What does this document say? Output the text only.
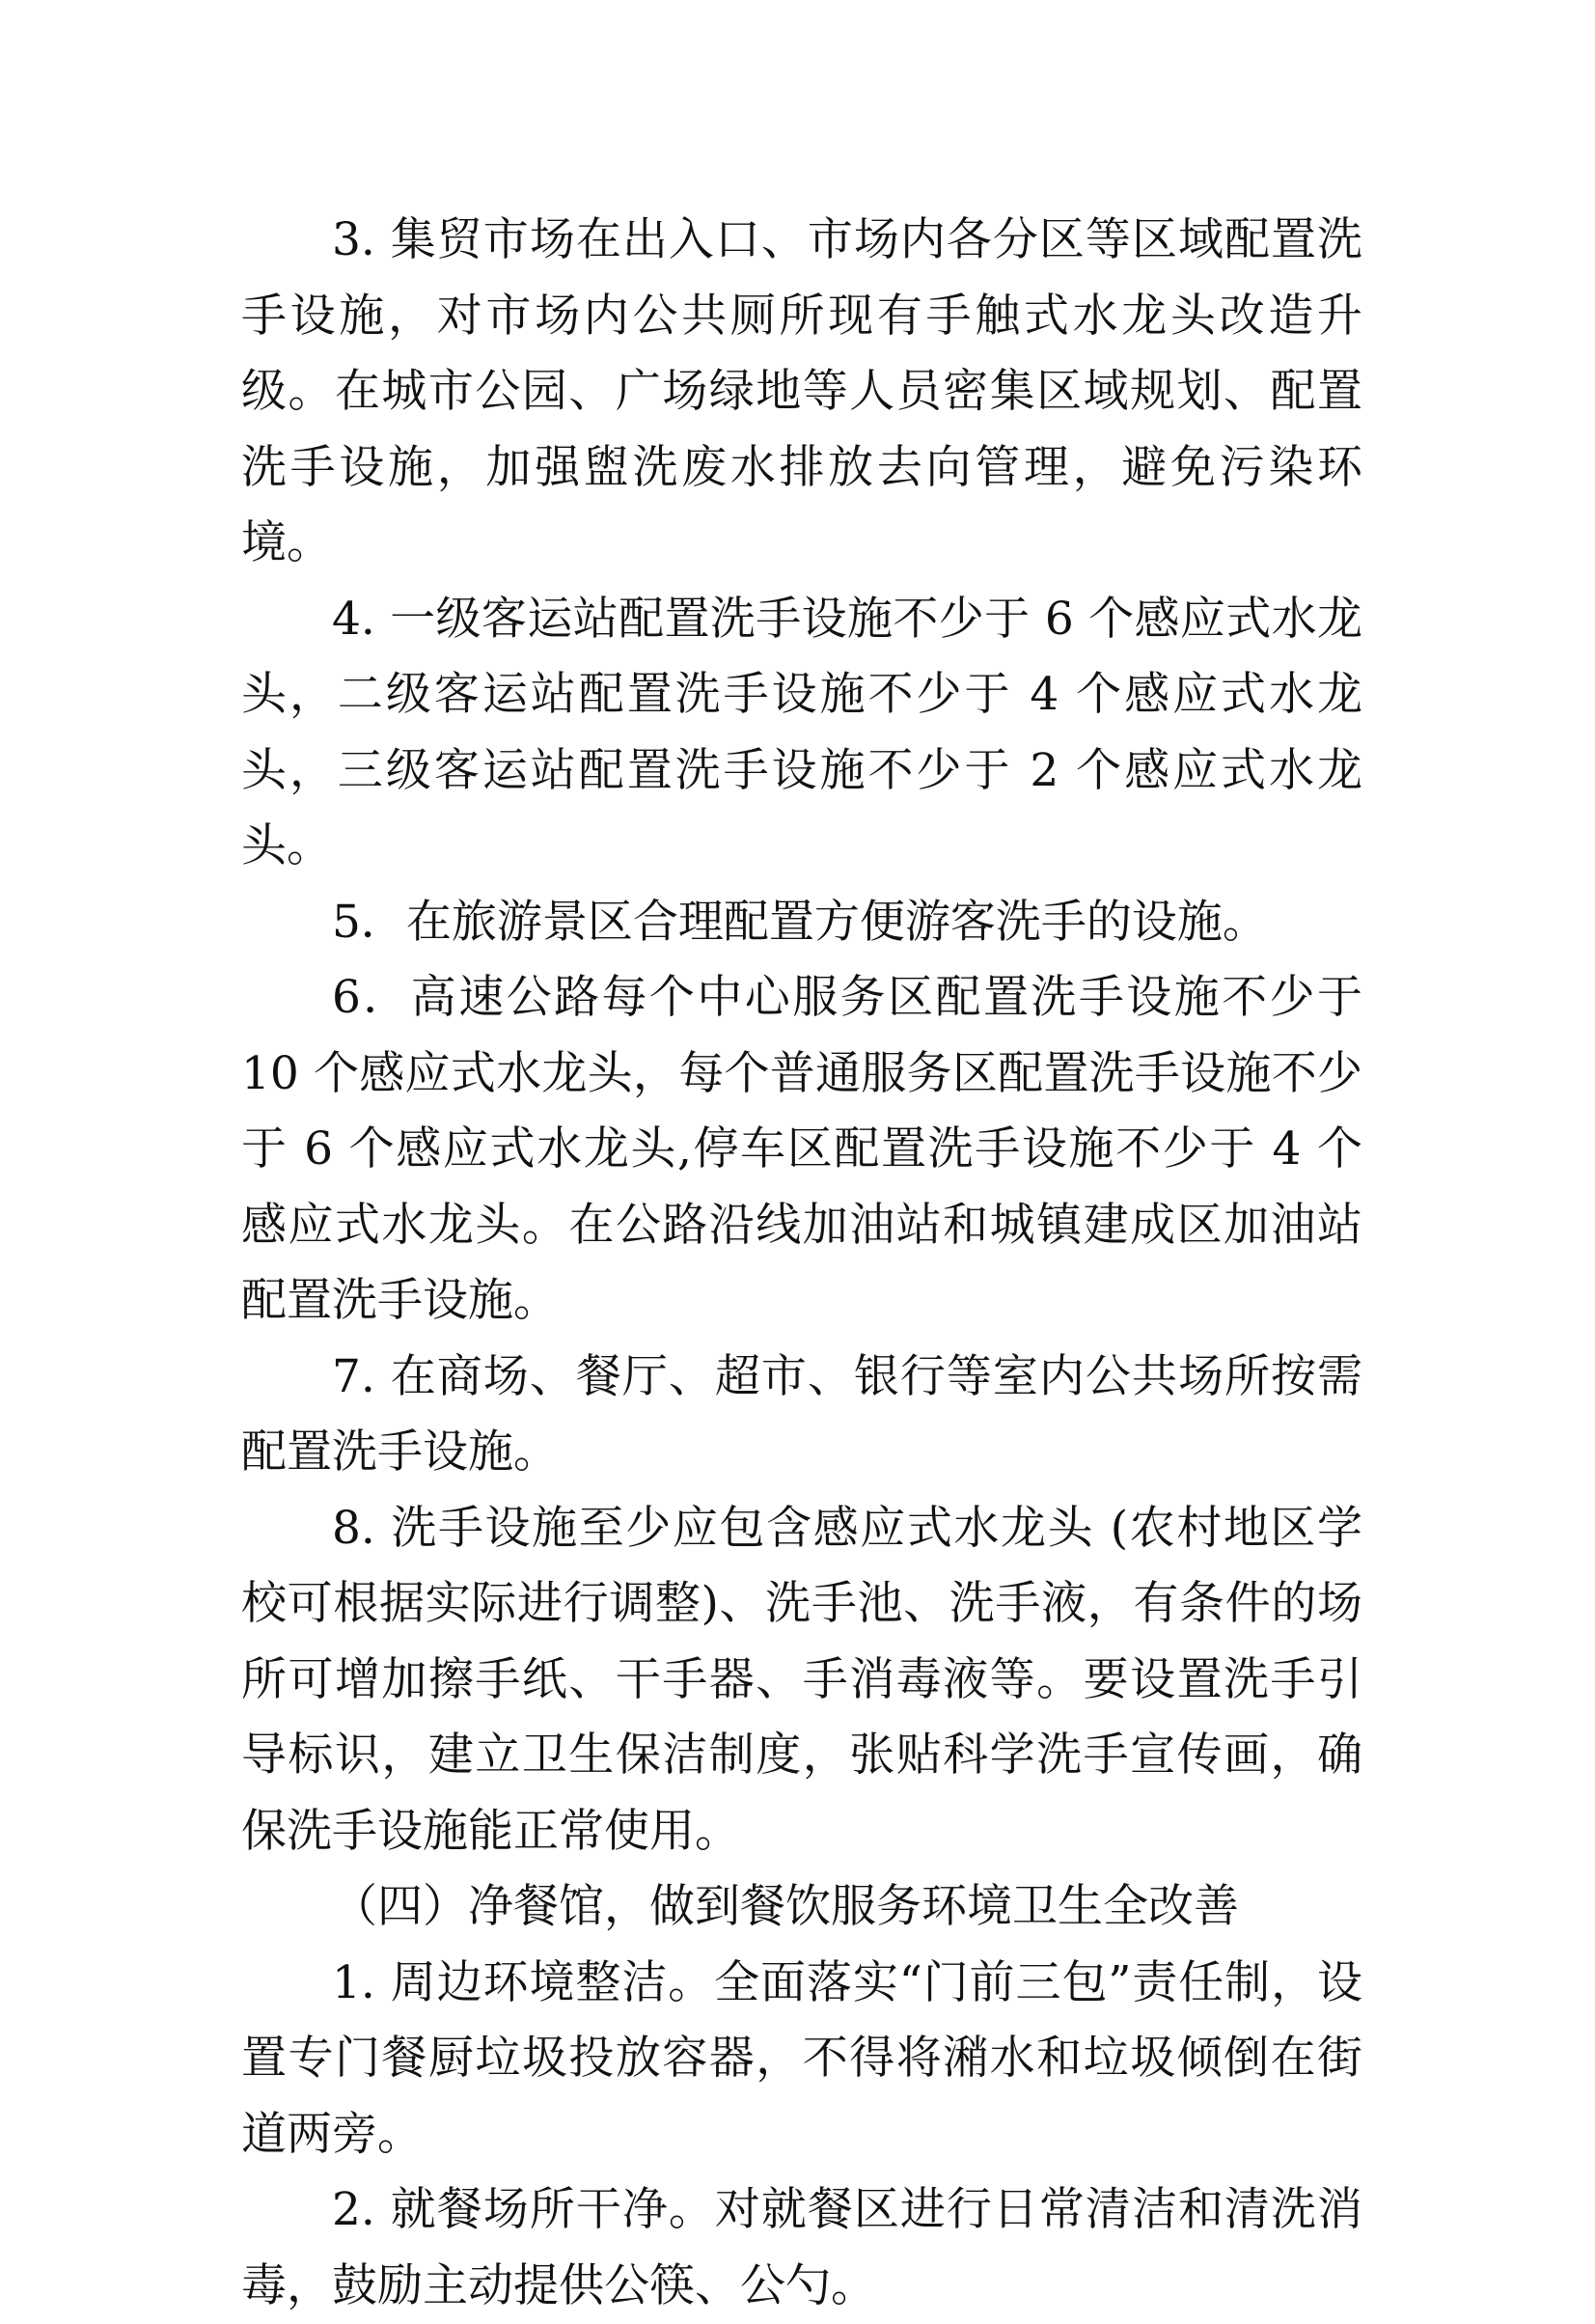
3. 集贸市场在出入口、市场内各分区等区域配置洗手设施，对市场内公共厕所现有手触式水龙头改造升级。在城市公园、广场绿地等人员密集区域规划、配置洗手设施，加强盥洗废水排放去向管理，避免污染环境。

4. 一级客运站配置洗手设施不少于 6 个感应式水龙头，二级客运站配置洗手设施不少于 4 个感应式水龙头，三级客运站配置洗手设施不少于 2 个感应式水龙头。

5．在旅游景区合理配置方便游客洗手的设施。

6．高速公路每个中心服务区配置洗手设施不少于 10 个感应式水龙头，每个普通服务区配置洗手设施不少于 6 个感应式水龙头,停车区配置洗手设施不少于 4 个感应式水龙头。在公路沿线加油站和城镇建成区加油站配置洗手设施。

7. 在商场、餐厅、超市、银行等室内公共场所按需配置洗手设施。

8. 洗手设施至少应包含感应式水龙头 (农村地区学校可根据实际进行调整)、洗手池、洗手液，有条件的场所可增加擦手纸、干手器、手消毒液等。要设置洗手引导标识，建立卫生保洁制度，张贴科学洗手宣传画，确保洗手设施能正常使用。

（四）净餐馆，做到餐饮服务环境卫生全改善

1. 周边环境整洁。全面落实“门前三包”责任制，设置专门餐厨垃圾投放容器，不得将潲水和垃圾倾倒在街道两旁。

2. 就餐场所干净。对就餐区进行日常清洁和清洗消毒，鼓励主动提供公筷、公勺。
